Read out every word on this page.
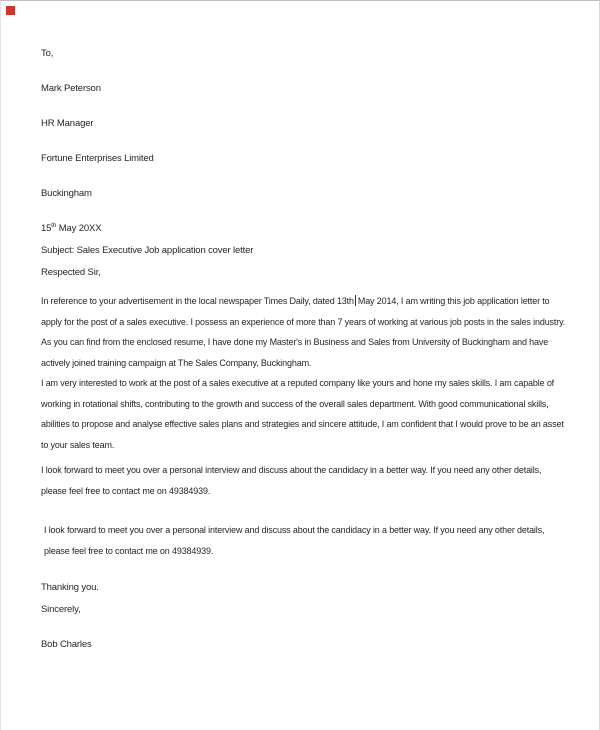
To,

Mark Peterson

HR Manager

Fortune Enterprises Limited

Buckingham

15th May 20XX

Subject: Sales Executive Job application cover letter

Respected Sir,

In reference to your advertisement in the local newspaper Times Daily, dated 13th May 2014, I am writing this job application letter to apply for the post of a sales executive. I possess an experience of more than 7 years of working at various job posts in the sales industry. As you can find from the enclosed resume, I have done my Master's in Business and Sales from University of Buckingham and have actively joined training campaign at The Sales Company, Buckingham.

I am very interested to work at the post of a sales executive at a reputed company like yours and hone my sales skills. I am capable of working in rotational shifts, contributing to the growth and success of the overall sales department. With good communicational skills, abilities to propose and analyse effective sales plans and strategies and sincere attitude, I am confident that I would prove to be an asset to your sales team.

I look forward to meet you over a personal interview and discuss about the candidacy in a better way. If you need any other details, please feel free to contact me on 49384939.

I look forward to meet you over a personal interview and discuss about the candidacy in a better way. If you need any other details, please feel free to contact me on 49384939.

Thanking you.

Sincerely,

Bob Charles
